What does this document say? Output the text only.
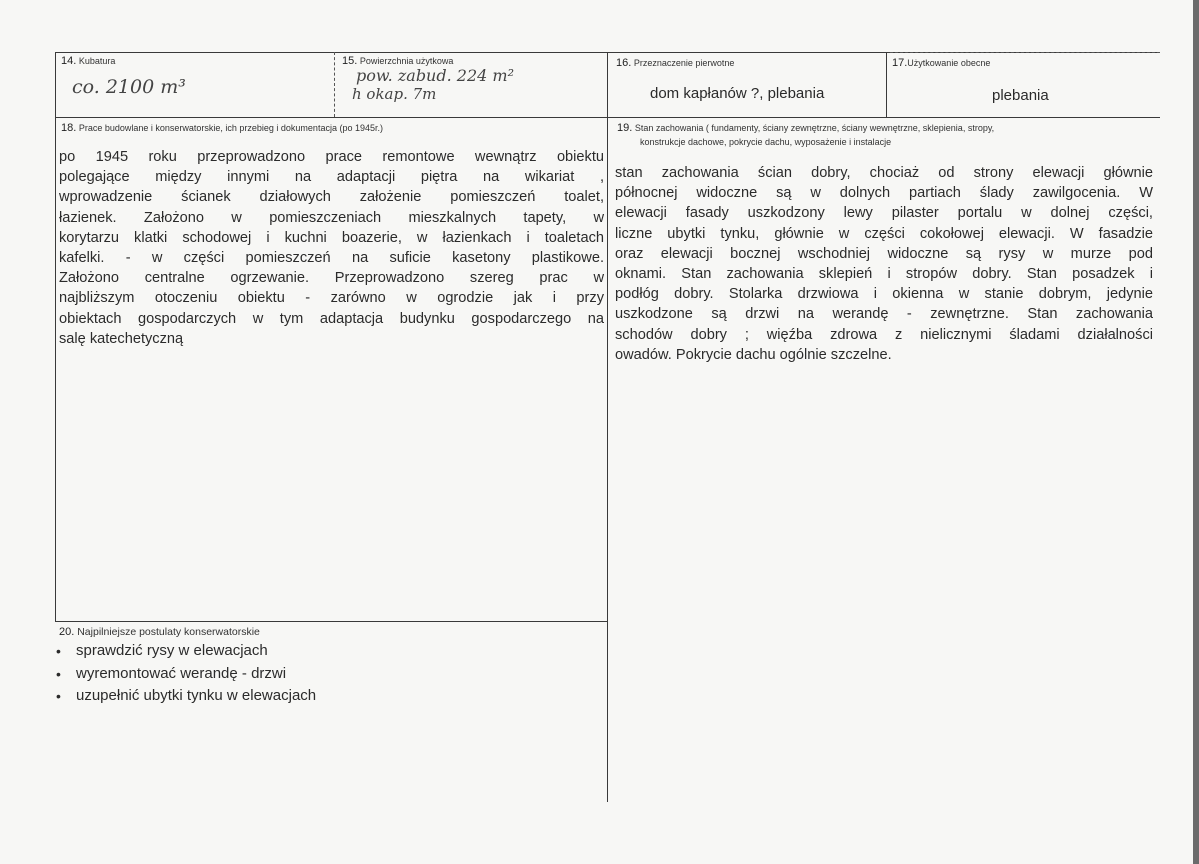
14. Kubatura
co. 2100 m³
15. Powierzchnia użytkowa
pow. zabud. 224 m²
h okap. 7m
16. Przeznaczenie pierwotne
dom kapłanów ?, plebania
17.Użytkowanie obecne
plebania
18. Prace budowlane i konserwatorskie, ich przebieg i dokumentacja (po 1945r.)
po 1945 roku przeprowadzono prace remontowe wewnątrz obiektu
polegające między innymi na adaptacji piętra na wikariat ,
wprowadzenie ścianek działowych założenie pomieszczeń toalet,
łazienek. Założono w pomieszczeniach mieszkalnych tapety, w
korytarzu klatki schodowej i kuchni boazerie, w łazienkach i toaletach
kafelki. - w części pomieszczeń na suficie kasetony plastikowe.
Założono centralne ogrzewanie. Przeprowadzono szereg prac w
najbliższym otoczeniu obiektu - zarówno w ogrodzie jak i przy
obiektach gospodarczych w tym adaptacja budynku gospodarczego na
salę katechetyczną
19. Stan zachowania ( fundamenty, ściany zewnętrzne, ściany wewnętrzne, sklepienia, stropy,
konstrukcje dachowe, pokrycie dachu, wyposażenie i instalacje
stan zachowania ścian dobry, chociaż od strony elewacji głównie
północnej widoczne są w dolnych partiach ślady zawilgocenia. W
elewacji fasady uszkodzony lewy pilaster portalu w dolnej części,
liczne ubytki tynku, głównie w części cokołowej elewacji. W fasadzie
oraz elewacji bocznej wschodniej widoczne są rysy w murze pod
oknami. Stan zachowania sklepień i stropów dobry. Stan posadzek i
podłóg dobry. Stolarka drzwiowa i okienna w stanie dobrym, jedynie
uszkodzone są drzwi na werandę - zewnętrzne. Stan zachowania
schodów dobry ; więźba zdrowa z nielicznymi śladami działalności
owadów. Pokrycie dachu ogólnie szczelne.
20. Najpilniejsze postulaty konserwatorskie
• sprawdzić rysy w elewacjach
• wyremontować werandę - drzwi
• uzupełnić ubytki tynku w elewacjach
